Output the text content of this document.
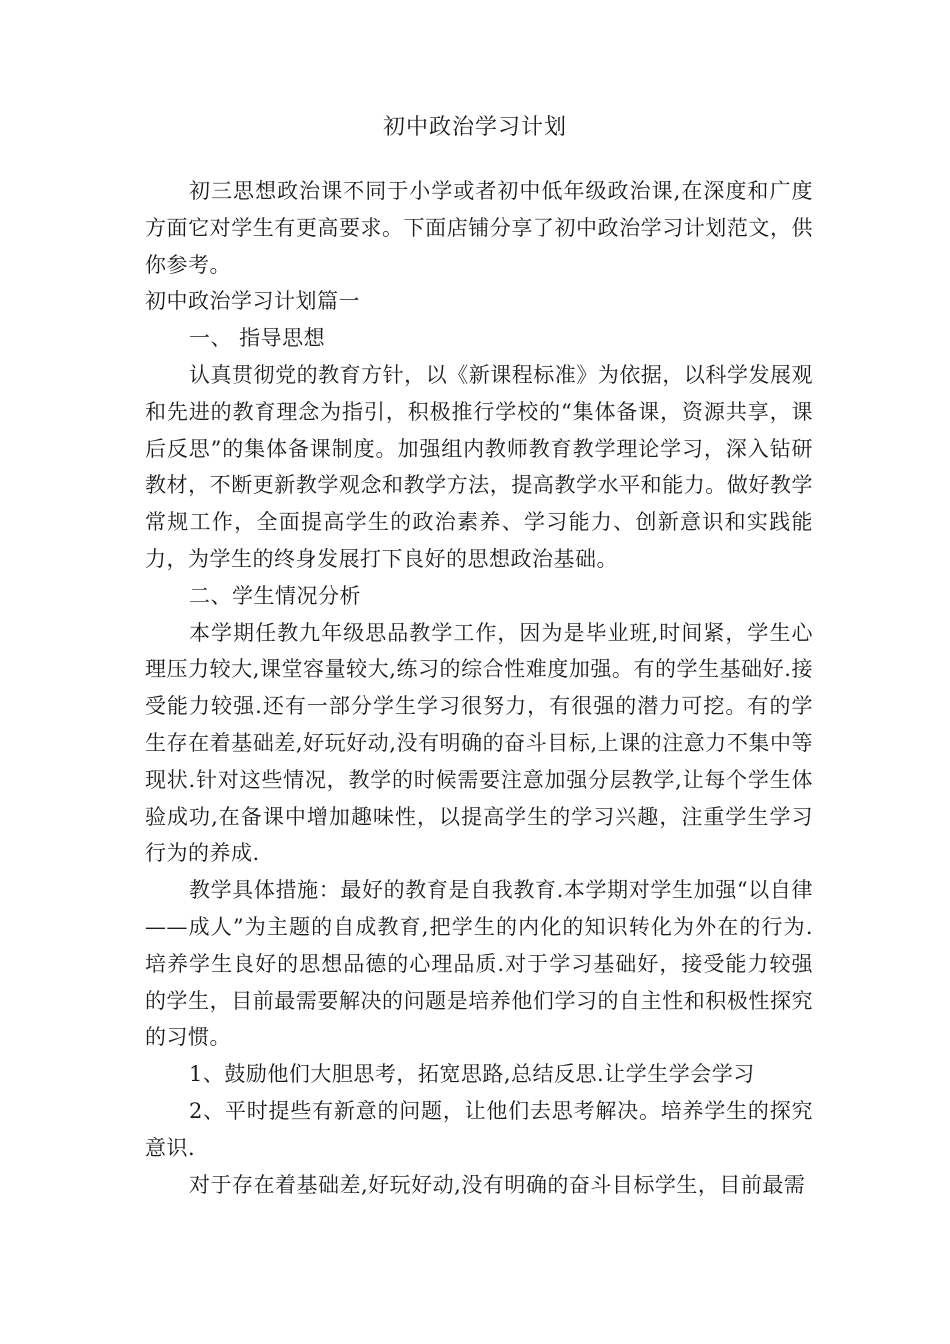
初中政治学习计划

初三思想政治课不同于小学或者初中低年级政治课,在深度和广度方面它对学生有更高要求。下面店铺分享了初中政治学习计划范文，供你参考。

初中政治学习计划篇一

一、 指导思想

认真贯彻党的教育方针，以《新课程标准》为依据，以科学发展观和先进的教育理念为指引，积极推行学校的“集体备课，资源共享，课后反思”的集体备课制度。加强组内教师教育教学理论学习，深入钻研教材，不断更新教学观念和教学方法，提高教学水平和能力。做好教学常规工作，全面提高学生的政治素养、学习能力、创新意识和实践能力，为学生的终身发展打下良好的思想政治基础。

二、学生情况分析

本学期任教九年级思品教学工作，因为是毕业班,时间紧，学生心理压力较大,课堂容量较大,练习的综合性难度加强。有的学生基础好.接受能力较强.还有一部分学生学习很努力，有很强的潜力可挖。有的学生存在着基础差,好玩好动,没有明确的奋斗目标,上课的注意力不集中等现状.针对这些情况，教学的时候需要注意加强分层教学,让每个学生体验成功,在备课中增加趣味性，以提高学生的学习兴趣，注重学生学习行为的养成.

教学具体措施：最好的教育是自我教育.本学期对学生加强“以自律——成人”为主题的自成教育,把学生的内化的知识转化为外在的行为.培养学生良好的思想品德的心理品质.对于学习基础好，接受能力较强的学生，目前最需要解决的问题是培养他们学习的自主性和积极性探究的习惯。

1、鼓励他们大胆思考，拓宽思路,总结反思.让学生学会学习

2、平时提些有新意的问题，让他们去思考解决。培养学生的探究意识.

对于存在着基础差,好玩好动,没有明确的奋斗目标学生，目前最需
